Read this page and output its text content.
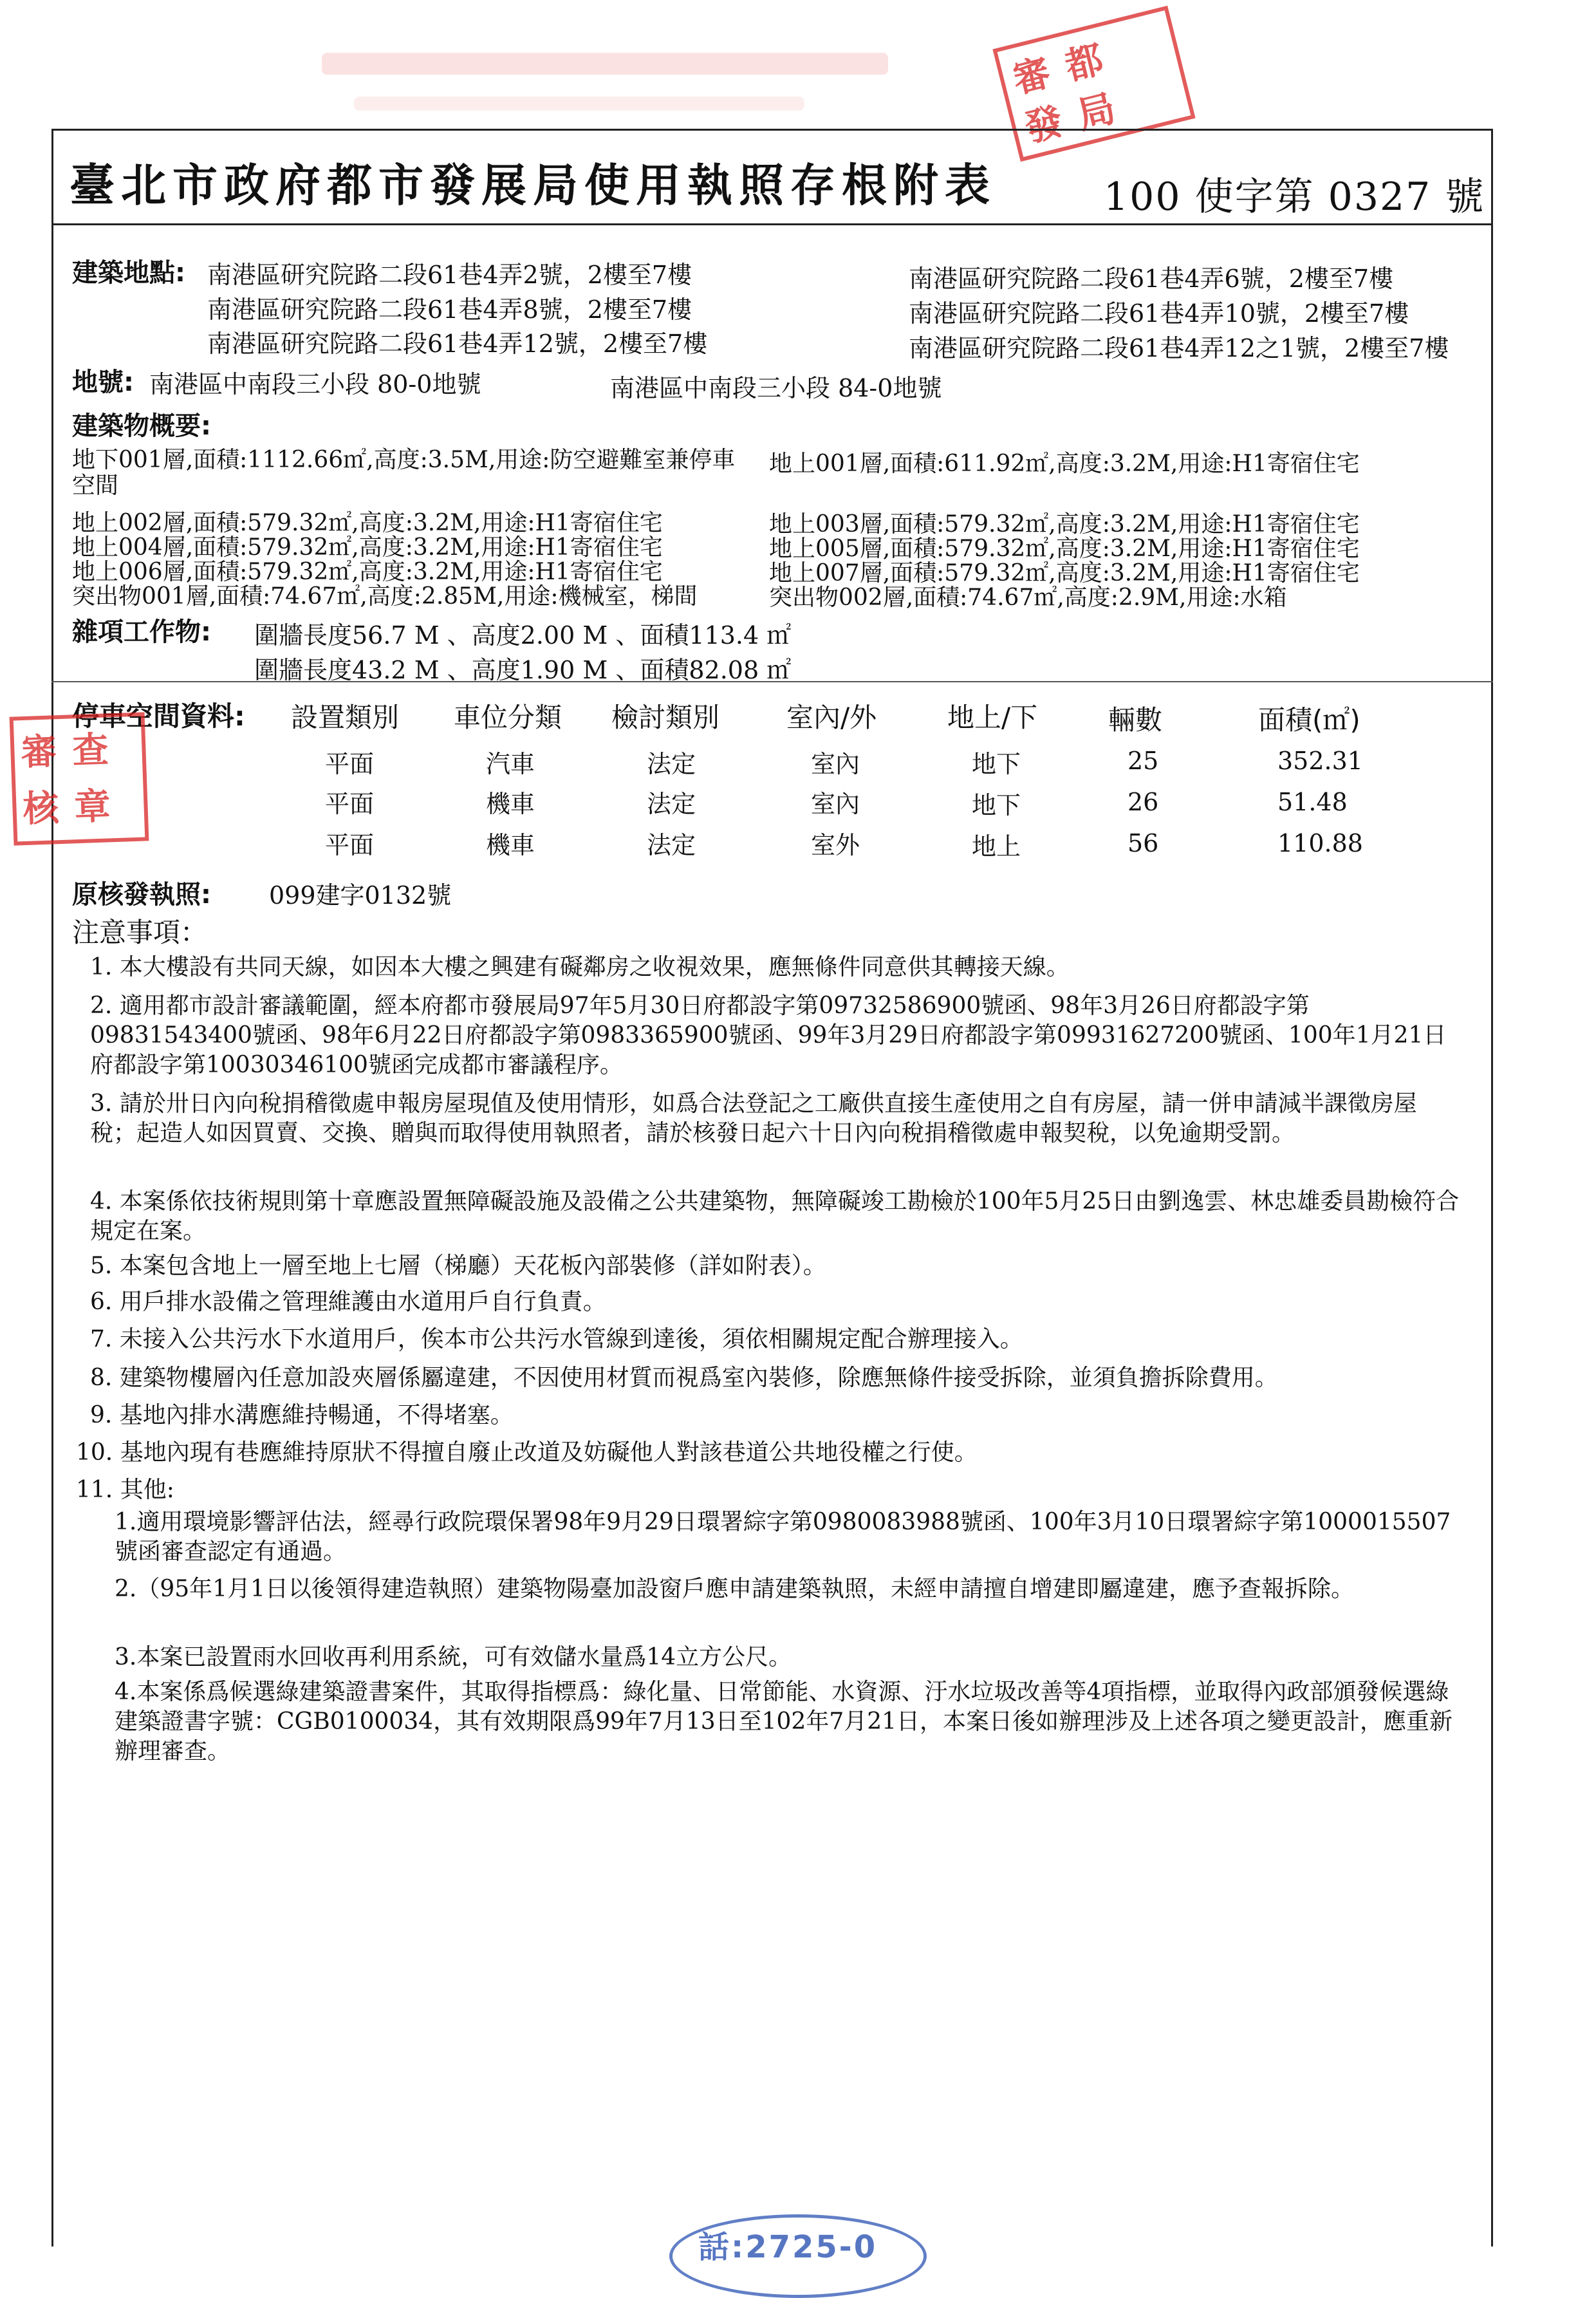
審都
發局
臺北市政府都市發展局使用執照存根附表	100 使字第 0327 號
建築地點: 南港區研究院路二段61巷4弄2號，2樓至7樓
南港區研究院路二段61巷4弄8號，2樓至7樓
南港區研究院路二段61巷4弄12號，2樓至7樓
南港區研究院路二段61巷4弄6號，2樓至7樓
南港區研究院路二段61巷4弄10號，2樓至7樓
南港區研究院路二段61巷4弄12之1號，2樓至7樓
地號: 南港區中南段三小段 80-0地號	南港區中南段三小段 84-0地號
建築物概要:
地下001層,面積:1112.66㎡,高度:3.5M,用途:防空避難室兼停車
空間
地上001層,面積:611.92㎡,高度:3.2M,用途:H1寄宿住宅
地上002層,面積:579.32㎡,高度:3.2M,用途:H1寄宿住宅
地上004層,面積:579.32㎡,高度:3.2M,用途:H1寄宿住宅
地上006層,面積:579.32㎡,高度:3.2M,用途:H1寄宿住宅
突出物001層,面積:74.67㎡,高度:2.85M,用途:機械室，梯間
地上003層,面積:579.32㎡,高度:3.2M,用途:H1寄宿住宅
地上005層,面積:579.32㎡,高度:3.2M,用途:H1寄宿住宅
地上007層,面積:579.32㎡,高度:3.2M,用途:H1寄宿住宅
突出物002層,面積:74.67㎡,高度:2.9M,用途:水箱
雜項工作物: 圍牆長度56.7 M 、高度2.00 M 、面積113.4 ㎡
圍牆長度43.2 M 、高度1.90 M 、面積82.08 ㎡
停車空間資料: 設置類別 車位分類 檢討類別 室內/外	地上/下	輛數	面積(㎡)
平面	汽車	法定	室內	地下	25	352.31
平面	機車	法定	室內	地下	26	51.48
平面	機車	法定	室外	地上	56	110.88
審 查
核 章
原核發執照: 099建字0132號
注意事項：
1. 本大樓設有共同天線，如因本大樓之興建有礙鄰房之收視效果，應無條件同意供其轉接天線。
2. 適用都市設計審議範圍，經本府都市發展局97年5月30日府都設字第09732586900號函、98年3月26日府都設字第09831543400號函、98年6月22日府都設字第0983365900號函、99年3月29日府都設字第09931627200號函、100年1月21日府都設字第10030346100號函完成都市審議程序。
3. 請於卅日內向稅捐稽徵處申報房屋現值及使用情形，如爲合法登記之工廠供直接生產使用之自有房屋，請一併申請減半課徵房屋稅；起造人如因買賣、交換、贈與而取得使用執照者，請於核發日起六十日內向稅捐稽徵處申報契稅，以免逾期受罰。
4. 本案係依技術規則第十章應設置無障礙設施及設備之公共建築物，無障礙竣工勘檢於100年5月25日由劉逸雲、林忠雄委員勘檢符合規定在案。
5. 本案包含地上一層至地上七層（梯廳）天花板內部裝修（詳如附表）。
6. 用戶排水設備之管理維護由水道用戶自行負責。
7. 未接入公共污水下水道用戶，俟本市公共污水管線到達後，須依相關規定配合辦理接入。
8. 建築物樓層內任意加設夾層係屬違建，不因使用材質而視爲室內裝修，除應無條件接受拆除，並須負擔拆除費用。
9. 基地內排水溝應維持暢通，不得堵塞。
10. 基地內現有巷應維持原狀不得擅自廢止改道及妨礙他人對該巷道公共地役權之行使。
11. 其他:
1.適用環境影響評估法，經尋行政院環保署98年9月29日環署綜字第0980083988號函、100年3月10日環署綜字第1000015507號函審查認定有通過。
2.（95年1月1日以後領得建造執照）建築物陽臺加設窗戶應申請建築執照，未經申請擅自增建即屬違建，應予查報拆除。
3.本案已設置雨水回收再利用系統，可有效儲水量爲14立方公尺。
4.本案係爲候選綠建築證書案件，其取得指標爲：綠化量、日常節能、水資源、汙水垃圾改善等4項指標，並取得內政部頒發候選綠建築證書字號：CGB0100034，其有效期限爲99年7月13日至102年7月21日，本案日後如辦理涉及上述各項之變更設計，應重新辦理審查。
話:2725-0
